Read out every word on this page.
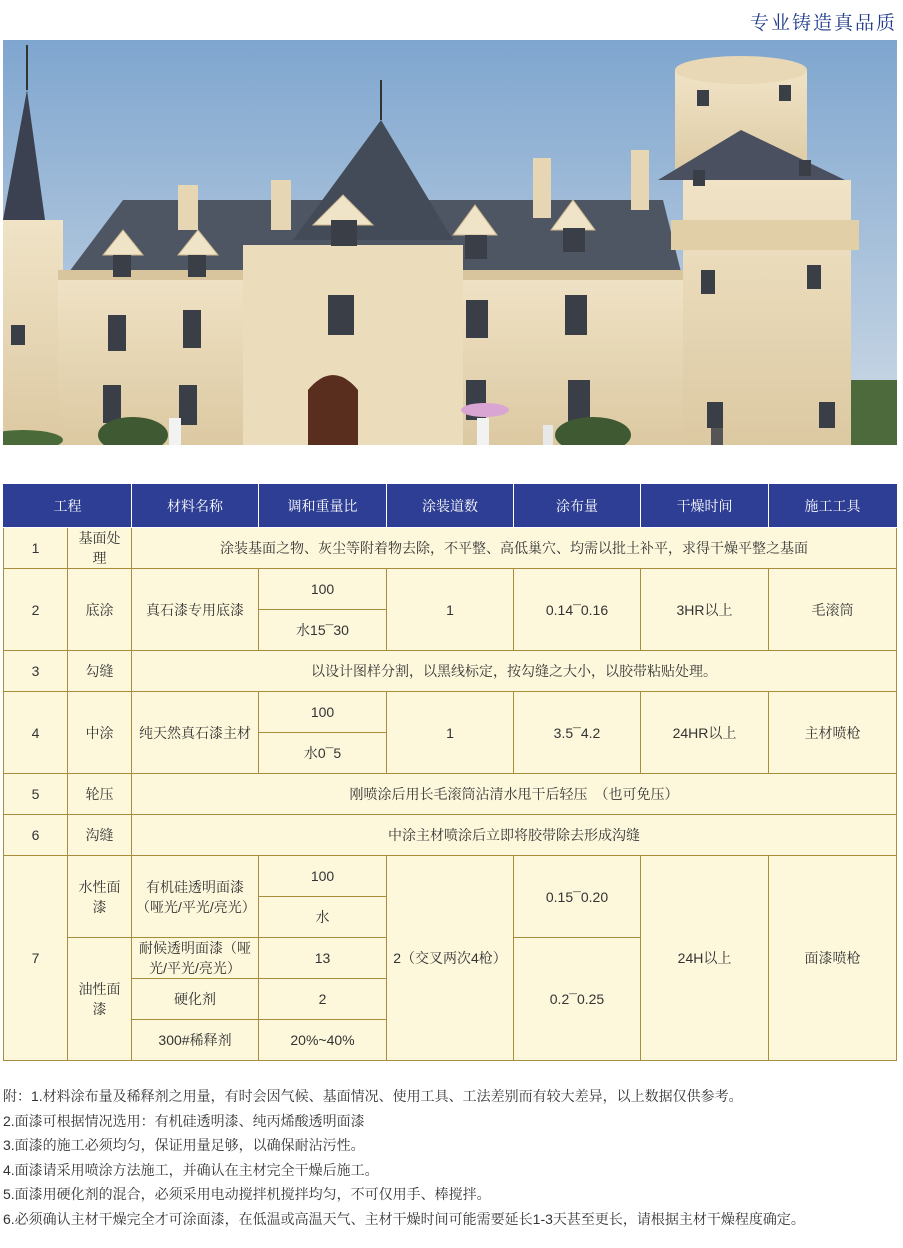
专业铸造真品质
工程		材料名称	调和重量比	涂装道数	涂布量	干燥时间	施工工具
1	基面处理	涂装基面之物、灰尘等附着物去除，不平整、高低巢穴、均需以批土补平，求得干燥平整之基面					
2	底涂	真石漆专用底漆	100	1	0.14¯0.16	3HR以上	毛滚筒
			水15¯30				
3	勾缝	以设计图样分割，以黑线标定，按勾缝之大小，以胶带粘贴处理。					
4	中涂	纯天然真石漆主材	100	1	3.5¯4.2	24HR以上	主材喷枪
			水0¯5				
5	轮压	刚喷涂后用长毛滚筒沾清水甩干后轻压　（也可免压）					
6	沟缝	中涂主材喷涂后立即将胶带除去形成沟缝					
7	水性面漆	有机硅透明面漆（哑光/平光/亮光）	100	2（交叉两次4枪）	0.15¯0.20	24H以上	面漆喷枪
			水				
	油性面漆	耐候透明面漆（哑光/平光/亮光）	13		0.2¯0.25		
		硬化剂	2				
		300#稀释剂	20%~40%				

附：1.材料涂布量及稀释剂之用量，有时会因气候、基面情况、使用工具、工法差别而有较大差异，以上数据仅供参考。

2.面漆可根据情况选用：有机硅透明漆、纯丙烯酸透明面漆

3.面漆的施工必须均匀，保证用量足够，以确保耐沾污性。

4.面漆请采用喷涂方法施工，并确认在主材完全干燥后施工。

5.面漆用硬化剂的混合，必须采用电动搅拌机搅拌均匀，不可仅用手、棒搅拌。

6.必须确认主材干燥完全才可涂面漆，在低温或高温天气、主材干燥时间可能需要延长1-3天甚至更长，请根据主材干燥程度确定。
